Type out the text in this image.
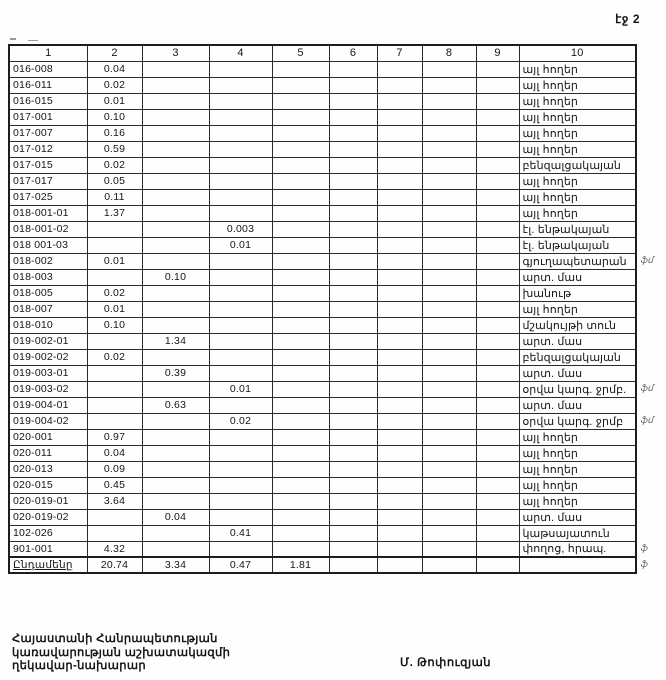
էջ 2
1	2	3	4	5	6	7	8	9	10
016-008	0.04								այլ հողեր
016-011	0.02								այլ հողեր
016-015	0.01								այլ հողեր
017-001	0.10								այլ հողեր
017-007	0.16								այլ հողեր
017-012	0.59								այլ հողեր
017-015	0.02								բենզալցակայան
017-017	0.05								այլ հողեր
017-025	0.11								այլ հողեր
018-001-01	1.37								այլ հողեր
018-001-02			0.003						էլ. ենթակայան
018 001-03			0.01						էլ. ենթակայան
018-002	0.01								գյուղապետարան
018-003		0.10							արտ. մաս
018-005	0.02								խանութ
018-007	0.01								այլ հողեր
018-010	0.10								մշակույթի տուն
019-002-01		1.34							արտ. մաս
019-002-02	0.02								բենզալցակայան
019-003-01		0.39							արտ. մաս
019-003-02			0.01						օրվա կարգ. ջրմբ.
019-004-01		0.63							արտ. մաս
019-004-02			0.02						օրվա կարգ. ջրմբ
020-001	0.97								այլ հողեր
020-011	0.04								այլ հողեր
020-013	0.09								այլ հողեր
020-015	0.45								այլ հողեր
020-019-01	3.64								այլ հողեր
020-019-02		0.04							արտ. մաս
102-026			0.41						կաթսայատուն
901-001	4.32								փողոց, հրապ.
Ընդամենը	20.74	3.34	0.47	1.81					
Հայաստանի Հանրապետության
կառավարության աշխատակազմի
ղեկավար-նախարար	Մ. Թոփուզյան
ֆմ
ֆմ
ֆմ
ֆ
ֆ
